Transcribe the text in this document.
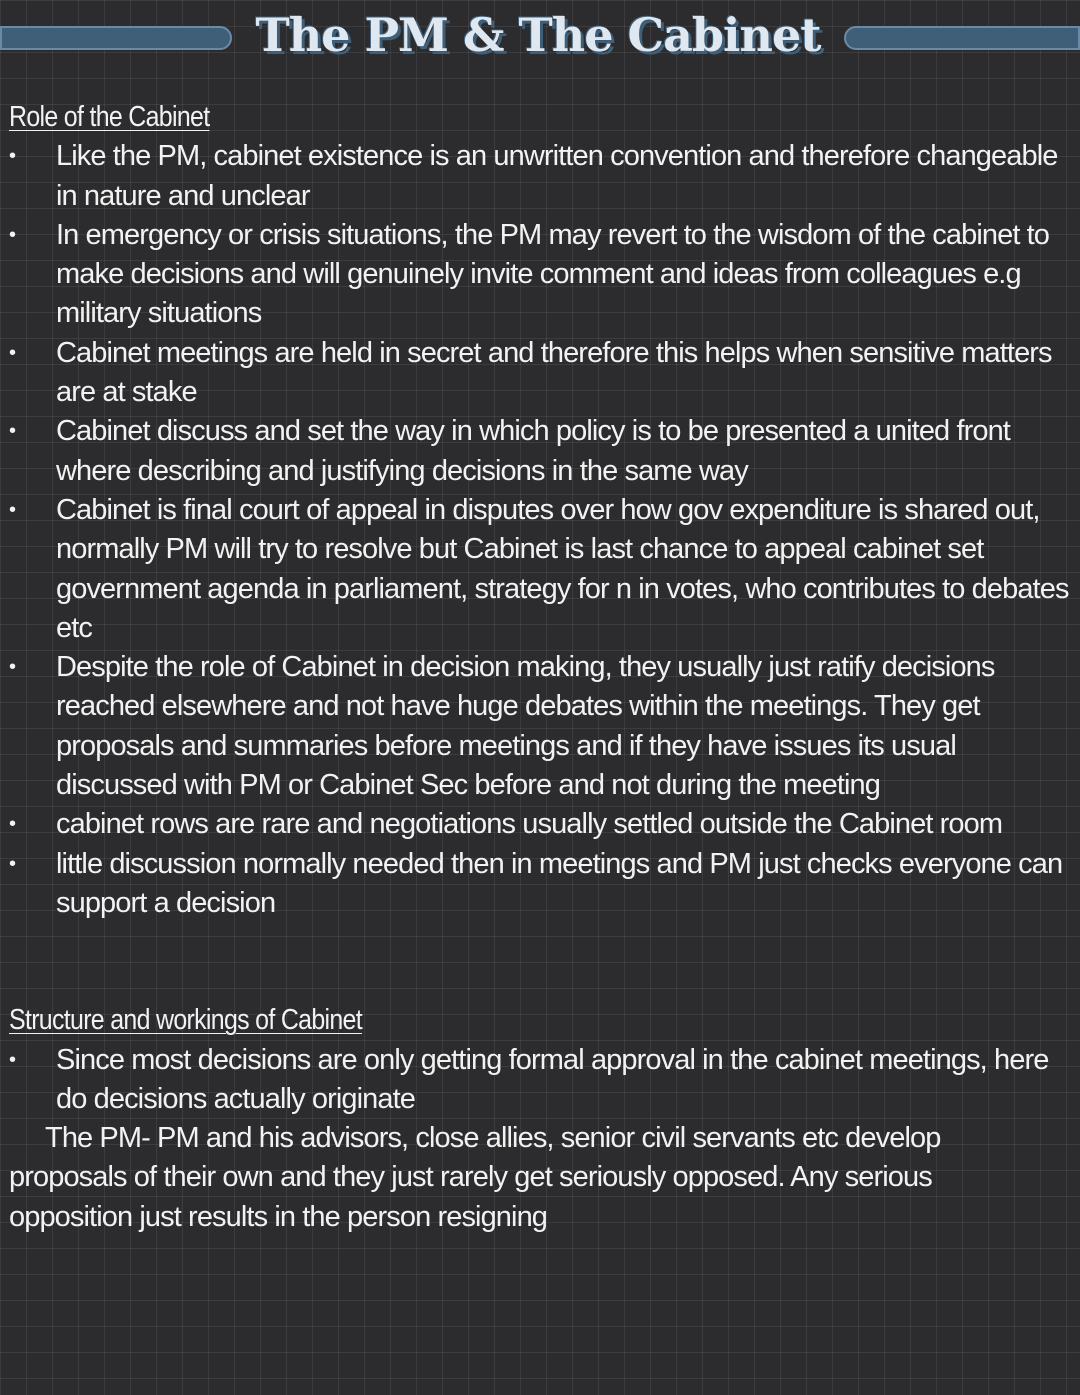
The PM & The Cabinet
Role of the Cabinet
• Like the PM, cabinet existence is an unwritten convention and therefore changeable in nature and unclear
• In emergency or crisis situations, the PM may revert to the wisdom of the cabinet to make decisions and will genuinely invite comment and ideas from colleagues e.g military situations
• Cabinet meetings are held in secret and therefore this helps when sensitive matters are at stake
• Cabinet discuss and set the way in which policy is to be presented a united front where describing and justifying decisions in the same way
• Cabinet is final court of appeal in disputes over how gov expenditure is shared out, normally PM will try to resolve but Cabinet is last chance to appeal cabinet set government agenda in parliament, strategy for n in votes, who contributes to debates etc
• Despite the role of Cabinet in decision making, they usually just ratify decisions reached elsewhere and not have huge debates within the meetings. They get proposals and summaries before meetings and if they have issues its usual discussed with PM or Cabinet Sec before and not during the meeting
• cabinet rows are rare and negotiations usually settled outside the Cabinet room
• little discussion normally needed then in meetings and PM just checks everyone can support a decision
Structure and workings of Cabinet
• Since most decisions are only getting formal approval in the cabinet meetings, here do decisions actually originate

The PM- PM and his advisors, close allies, senior civil servants etc develop proposals of their own and they just rarely get seriously opposed. Any serious opposition just results in the person resigning
